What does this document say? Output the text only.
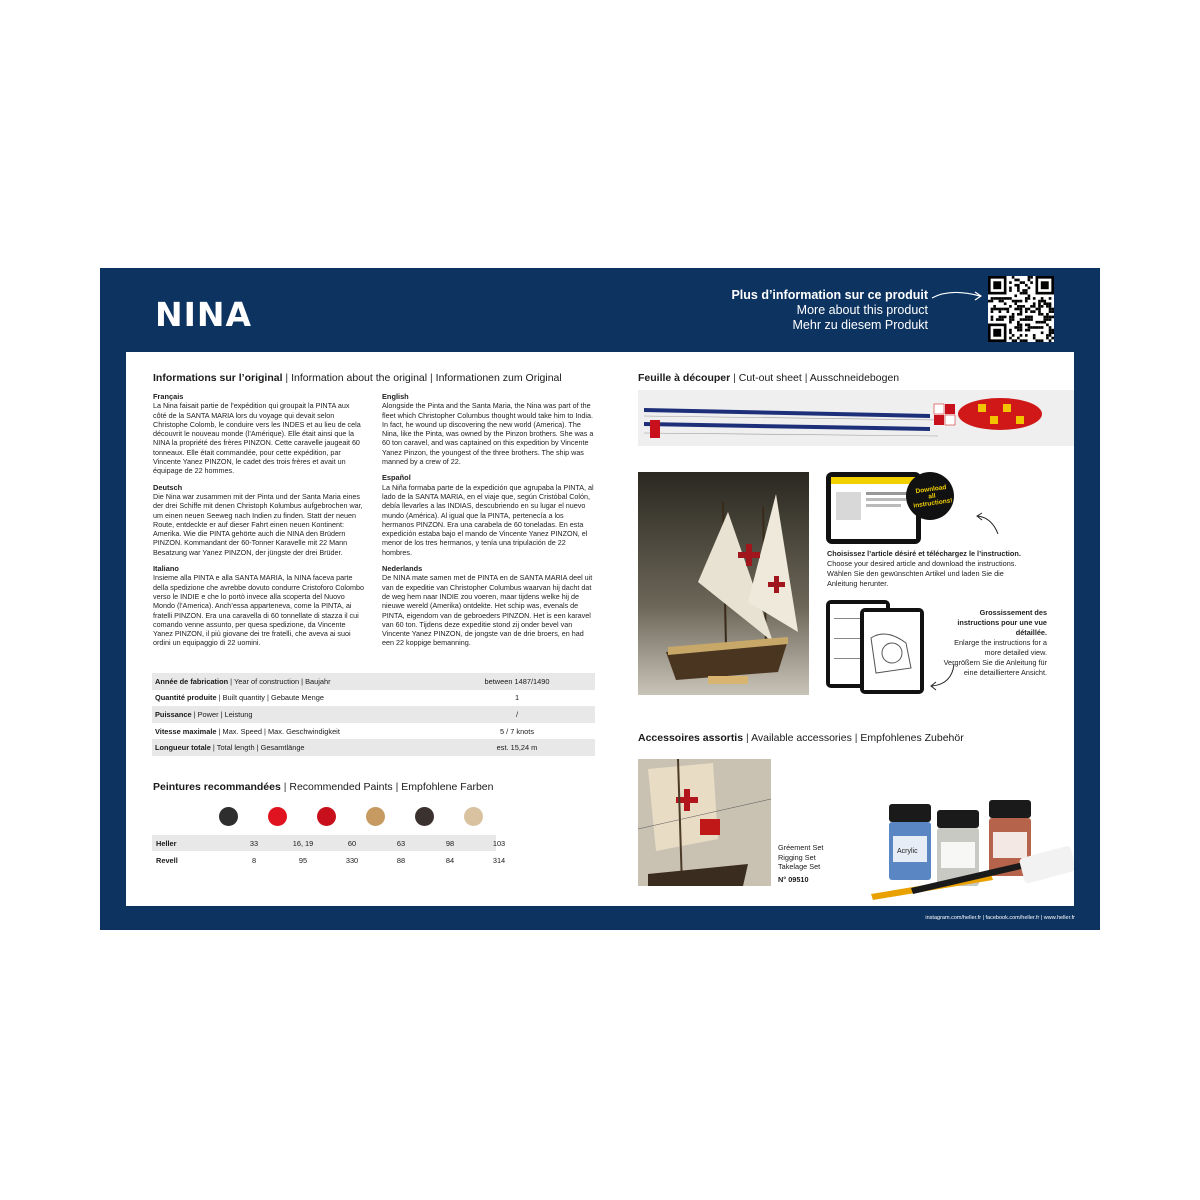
NINA	Plus d’information sur ce produit
More about this product
Mehr zu diesem Produkt
Informations sur l’original | Information about the original | Informationen zum Original
Français

La Nina faisait partie de l’expédition qui groupait la PINTA aux côté de la SANTA MARIA lors du voyage qui devait selon Christophe Colomb, le conduire vers les INDES et au lieu de cela découvrit le nouveau monde (l’Amérique). Elle était ainsi que la NINA la propriété des frères PINZON. Cette caravelle jaugeait 60 tonneaux. Elle était commandée, pour cette expédition, par Vincente Yanez PINZON, le cadet des trois frères et avait un équipage de 22 hommes.

Deutsch

Die Nina war zusammen mit der Pinta und der Santa Maria eines der drei Schiffe mit denen Christoph Kolumbus aufgebrochen war, um einen neuen Seeweg nach Indien zu finden. Statt der neuen Route, entdeckte er auf dieser Fahrt einen neuen Kontinent: Amerika. Wie die PINTA gehörte auch die NINA den Brüdern PINZON. Kommandant der 60-Tonner Karavelle mit 22 Mann Besatzung war Yanez PINZON, der jüngste der drei Brüder.

Italiano

Insieme alla PINTA e alla SANTA MARIA, la NINA faceva parte della spedizione che avrebbe dovuto condurre Cristoforo Colombo verso le INDIE e che lo portò invece alla scoperta del Nuovo Mondo (l’America). Anch’essa apparteneva, come la PINTA, ai fratelli PINZON. Era una caravella di 60 tonnellate di stazza il cui comando venne assunto, per quesa spedizione, da Vincente Yanez PINZON, il più giovane dei tre fratelli, che aveva ai suoi ordini un equipaggio di 22 uomini.

English

Alongside the Pinta and the Santa Maria, the Nina was part of the fleet which Christopher Columbus thought would take him to India. In fact, he wound up discovering the new world (America). The Nina, like the Pinta, was owned by the Pinzon brothers. She was a 60 ton caravel, and was captained on this expedition by Vincente Yanez Pinzon, the youngest of the three brothers. The ship was manned by a crew of 22.

Español

La Niña formaba parte de la expedición que agrupaba la PINTA, al lado de la SANTA MARIA, en el viaje que, según Cristóbal Colón, debía llevarles a las INDIAS, descubriendo en su lugar el nuevo mundo (América). Al igual que la PINTA, pertenecía a los hermanos PINZON. Era una carabela de 60 toneladas. En esta expedición estaba bajo el mando de Vincente Yanez PINZON, el menor de los tres hermanos, y tenía una tripulación de 22 hombres.

Nederlands

De NINA mate samen met de PINTA en de SANTA MARIA deel uit van de expeditie van Christopher Columbus waarvan hij dacht dat de weg hem naar INDIE zou voeren, maar tijdens welke hij de nieuwe wereld (Amerika) ontdekte. Het schip was, evenals de PINTA, eigendom van de gebroeders PINZON. Het is een karavel van 60 ton. Tijdens deze expeditie stond zij onder bevel van Vincente Yanez PINZON, de jongste van de drie broers, en had een 22 koppige bemanning.

Année de fabrication | Year of construction | Baujahr	between 1487/1490
Quantité produite | Built quantity | Gebaute Menge	1
Puissance | Power | Leistung	/
Vitesse maximale | Max. Speed | Max. Geschwindigkeit	5 / 7 knots
Longueur totale | Total length | Gesamtlänge	est. 15,24 m
Peintures recommandées | Recommended Paints | Empfohlene Farben
Heller	33	16, 19	60	63	98	103
Revell	8	95	330	88	84	314
Feuille à découper | Cut-out sheet | Ausschneidebogen
Download all instructions!
Choisissez l’article désiré et téléchargez le l’instruction.
Choose your desired article and download the instructions.
Wählen Sie den gewünschten Artikel und laden Sie die Anleitung herunter.
Grossissement des instructions pour une vue détaillée.
Enlarge the instructions for a more detailed view.
Vergrößern Sie die Anleitung für eine detailliertere Ansicht.
Accessoires assortis | Available accessories | Empfohlenes Zubehör
Gréement Set
Rigging Set
Takelage Set
N° 09510
Acrylic
instagram.com/heller.fr | facebook.com/heller.fr | www.heller.fr
